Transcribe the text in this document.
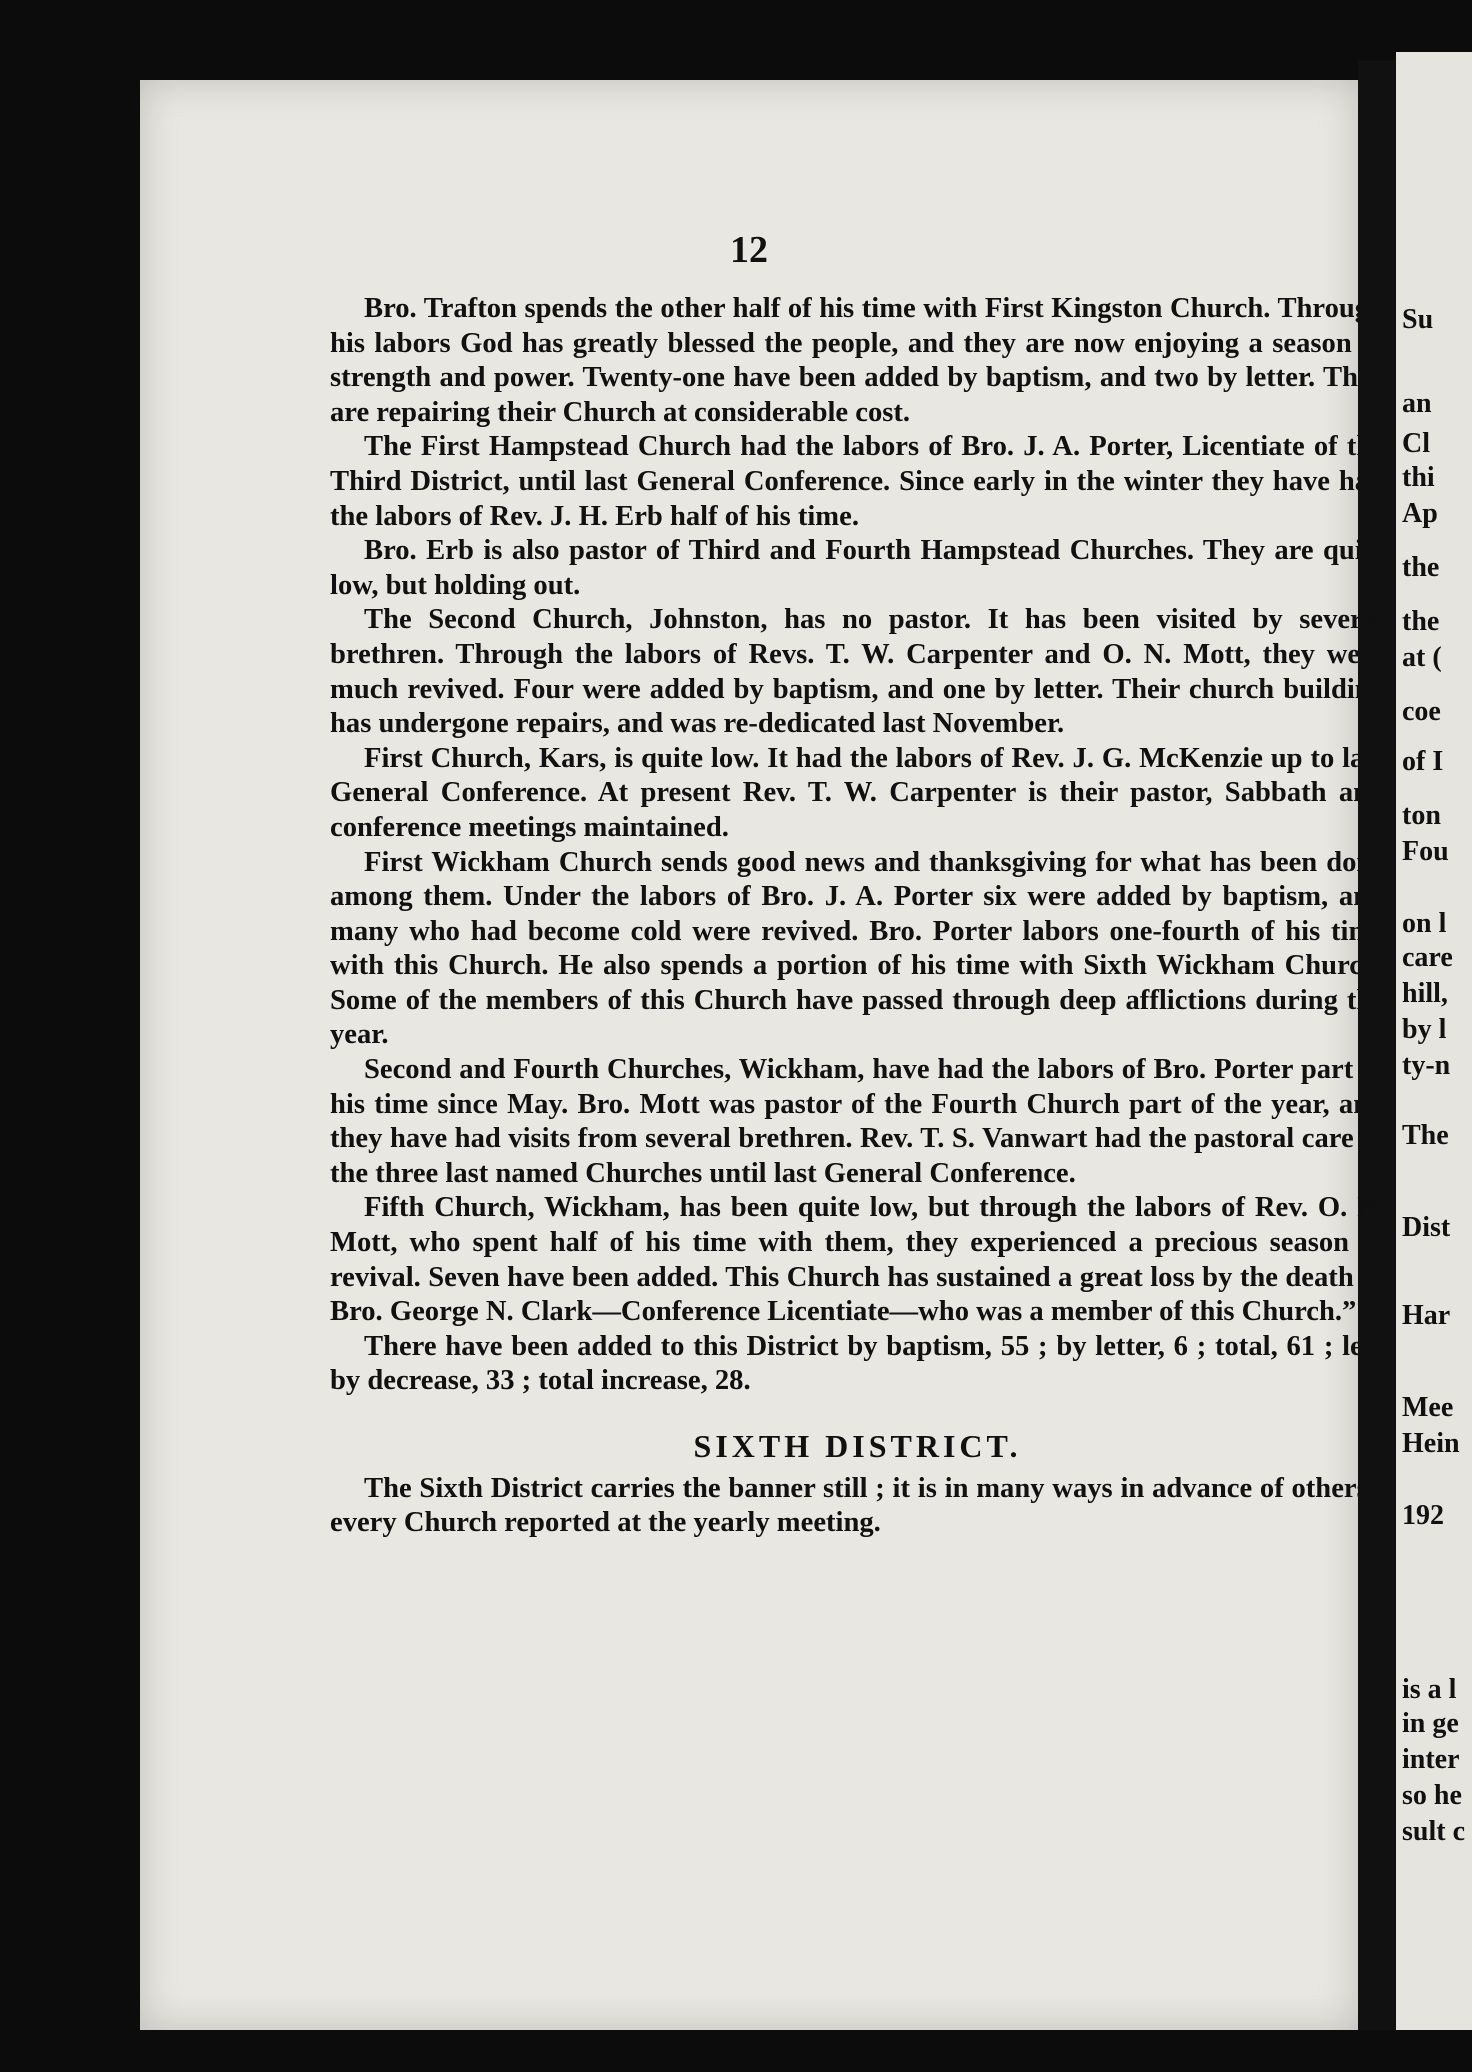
12

Bro. Trafton spends the other half of his time with First Kingston Church. Through his labors God has greatly blessed the people, and they are now enjoying a season of strength and power. Twenty-one have been added by baptism, and two by letter. They are repairing their Church at considerable cost.

The First Hampstead Church had the labors of Bro. J. A. Porter, Licentiate of the Third District, until last General Conference. Since early in the winter they have had the labors of Rev. J. H. Erb half of his time.

Bro. Erb is also pastor of Third and Fourth Hampstead Churches. They are quite low, but holding out.

The Second Church, Johnston, has no pastor. It has been visited by several brethren. Through the labors of Revs. T. W. Carpenter and O. N. Mott, they were much revived. Four were added by baptism, and one by letter. Their church building has undergone repairs, and was re-dedicated last November.

First Church, Kars, is quite low. It had the labors of Rev. J. G. McKenzie up to last General Conference. At present Rev. T. W. Carpenter is their pastor, Sabbath and conference meetings maintained.

First Wickham Church sends good news and thanksgiving for what has been done among them. Under the labors of Bro. J. A. Porter six were added by baptism, and many who had become cold were revived. Bro. Porter labors one-fourth of his time with this Church. He also spends a portion of his time with Sixth Wickham Church. Some of the members of this Church have passed through deep afflictions during the year.

Second and Fourth Churches, Wickham, have had the labors of Bro. Porter part of his time since May. Bro. Mott was pastor of the Fourth Church part of the year, and they have had visits from several brethren. Rev. T. S. Vanwart had the pastoral care of the three last named Churches until last General Conference.

Fifth Church, Wickham, has been quite low, but through the labors of Rev. O. N. Mott, who spent half of his time with them, they experienced a precious season of revival. Seven have been added. This Church has sustained a great loss by the death of Bro. George N. Clark—Conference Licentiate—who was a member of this Church.”

There have been added to this District by baptism, 55 ; by letter, 6 ; total, 61 ; less by decrease, 33 ; total increase, 28.

SIXTH DISTRICT.

The Sixth District carries the banner still ; it is in many ways in advance of others ; every Church reported at the yearly meeting.

Su
an
Cl
thi
Ap
the
the
at (
coe
of I
ton
Fou
on l
care
hill,
by l
ty-n
The
Dist
Har
Mee
Hein
192
is a l
in ge
inter
so he
sult c
